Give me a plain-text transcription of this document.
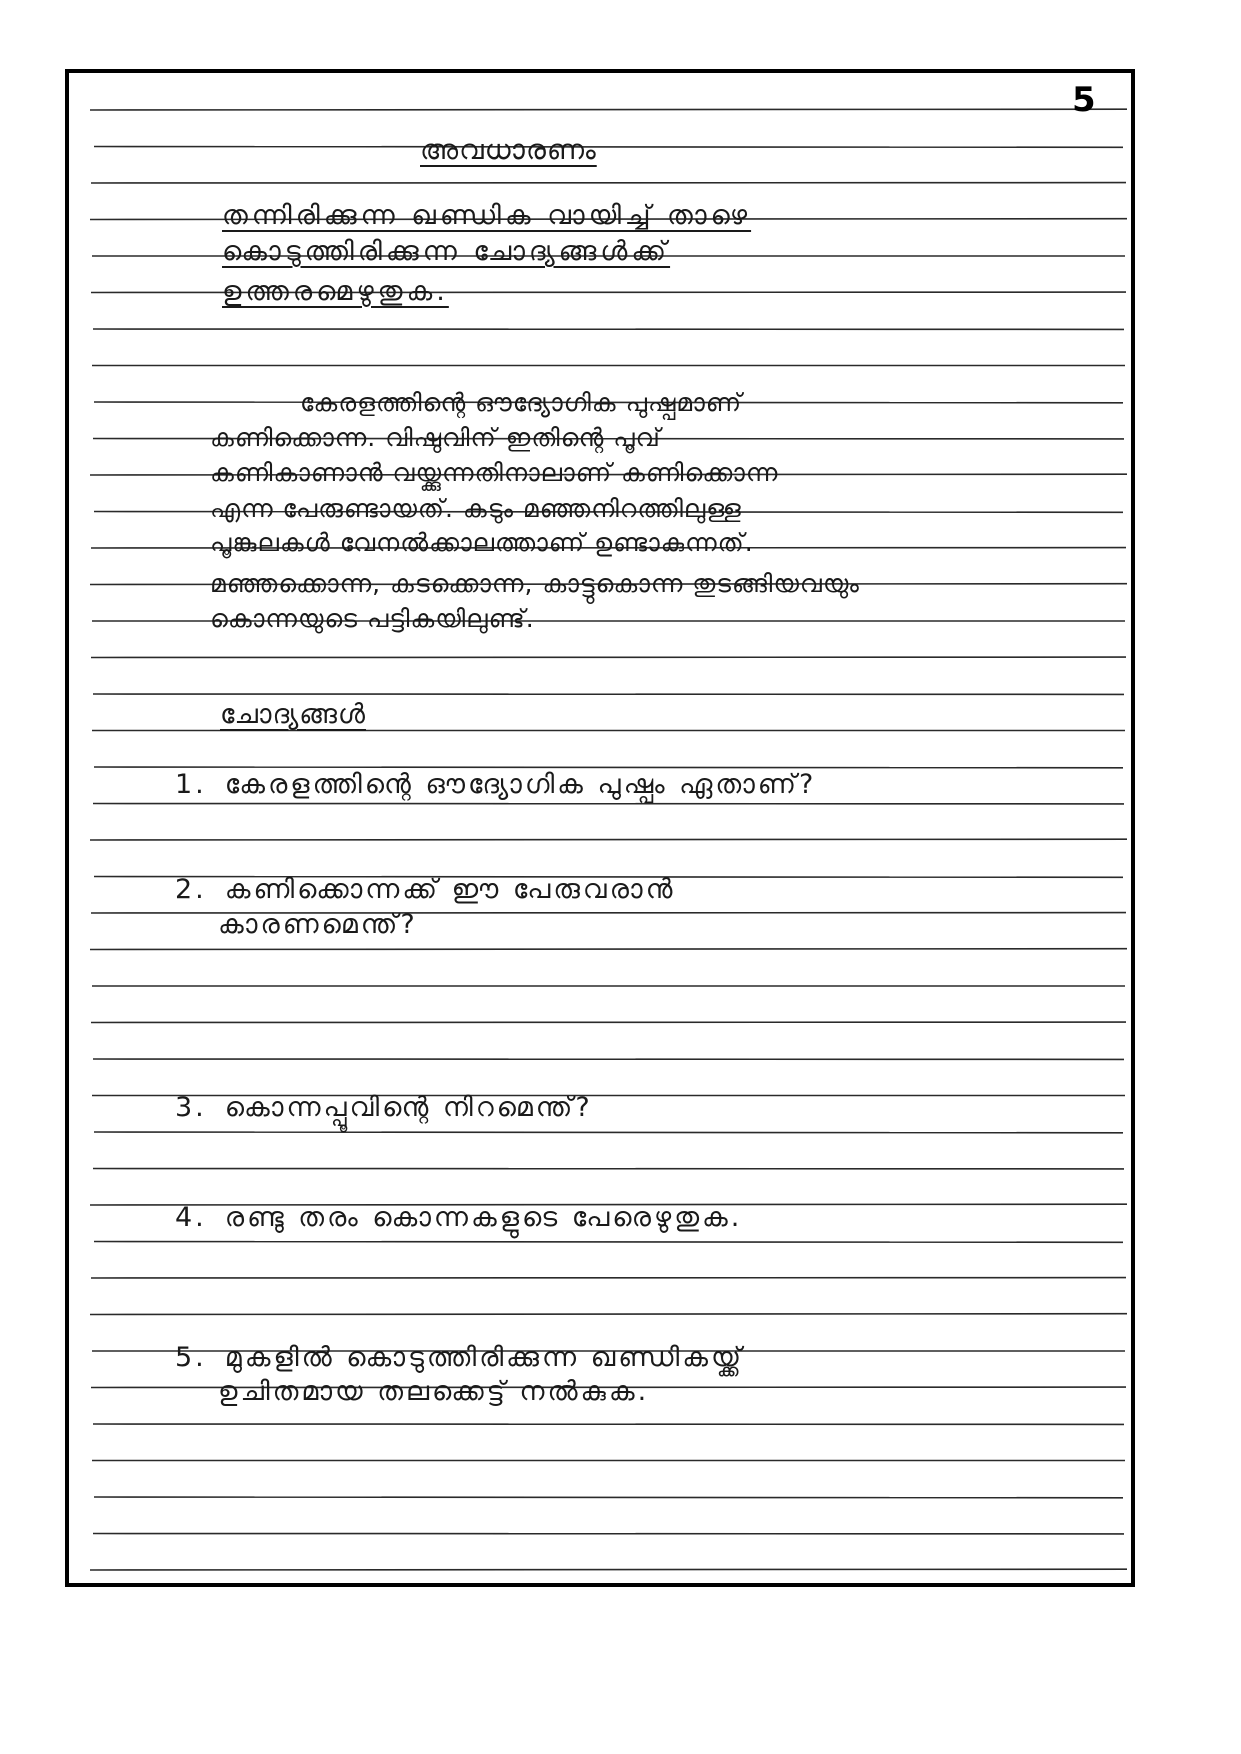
5
അവധാരണം
തന്നിരിക്കുന്ന ഖണ്ഡിക വായിച്ച് താഴെ
കൊടുത്തിരിക്കുന്ന ചോദ്യങ്ങൾക്ക്
ഉത്തരമെഴുതുക.
കേരളത്തിന്റെ ഔദ്യോഗിക പുഷ്പമാണ്
കണിക്കൊന്ന. വിഷുവിന് ഇതിന്റെ പൂവ്
കണികാണാൻ വയ്ക്കുന്നതിനാലാണ് കണിക്കൊന്ന
എന്ന പേരുണ്ടായത്. കടും മഞ്ഞനിറത്തിലുള്ള
പൂങ്കുലകൾ വേനൽക്കാലത്താണ് ഉണ്ടാകുന്നത്.
മഞ്ഞക്കൊന്ന, കടക്കൊന്ന, കാട്ടുകൊന്ന തുടങ്ങിയവയും
കൊന്നയുടെ പട്ടികയിലുണ്ട്.
ചോദ്യങ്ങൾ
1. കേരളത്തിന്റെ ഔദ്യോഗിക പുഷ്പം ഏതാണ്?
2. കണിക്കൊന്നക്ക് ഈ പേരുവരാൻ
കാരണമെന്ത്?
3. കൊന്നപ്പൂവിന്റെ നിറമെന്ത്?
4. രണ്ടു തരം കൊന്നകളുടെ പേരെഴുതുക.
5. മുകളിൽ കൊടുത്തിരിക്കുന്ന ഖണ്ഡികയ്ക്ക്
ഉചിതമായ തലക്കെട്ട് നൽകുക.
